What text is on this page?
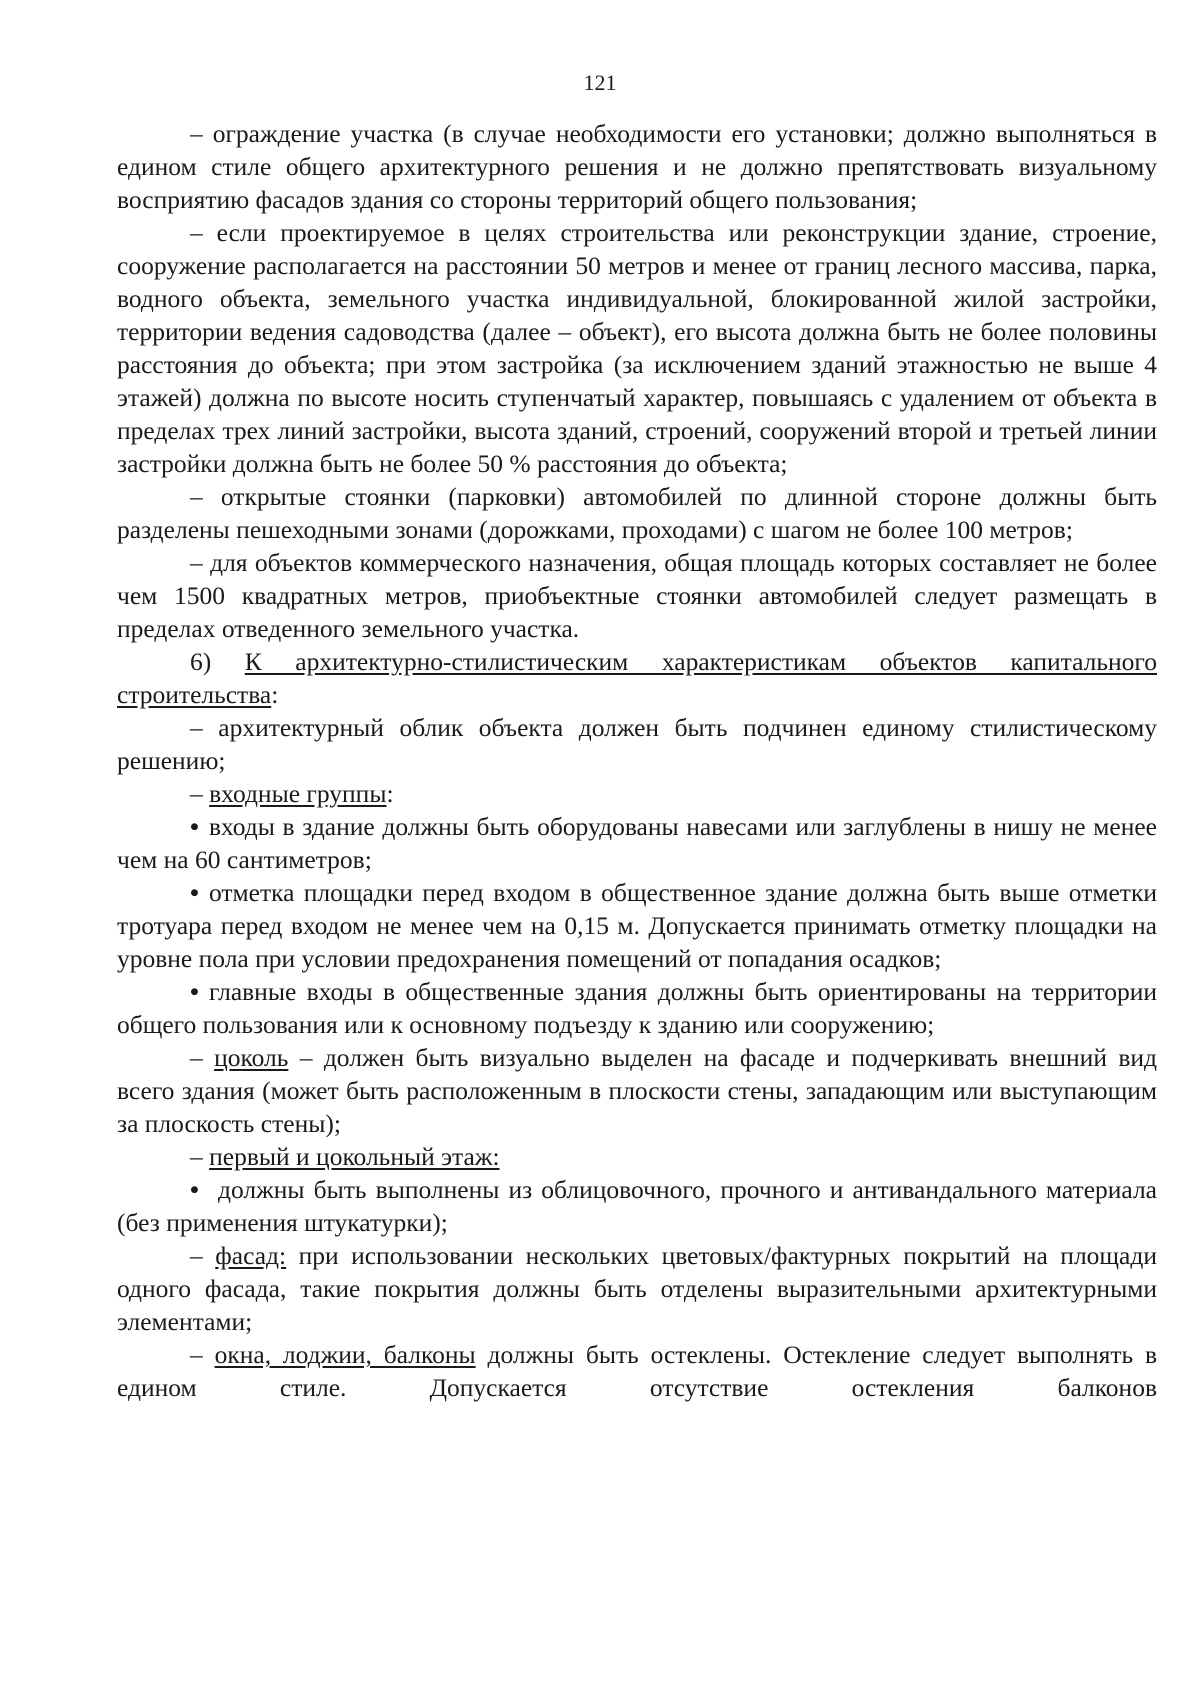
121

– ограждение участка (в случае необходимости его установки; должно выполняться в едином стиле общего архитектурного решения и не должно препятствовать визуальному восприятию фасадов здания со стороны территорий общего пользования;

– если проектируемое в целях строительства или реконструкции здание, строение, сооружение располагается на расстоянии 50 метров и менее от границ лесного массива, парка, водного объекта, земельного участка индивидуальной, блокированной жилой застройки, территории ведения садоводства (далее – объект), его высота должна быть не более половины расстояния до объекта; при этом застройка (за исключением зданий этажностью не выше 4 этажей) должна по высоте носить ступенчатый характер, повышаясь с удалением от объекта в пределах трех линий застройки, высота зданий, строений, сооружений второй и третьей линии застройки должна быть не более 50 % расстояния до объекта;

– открытые стоянки (парковки) автомобилей по длинной стороне должны быть разделены пешеходными зонами (дорожками, проходами) с шагом не более 100 метров;

– для объектов коммерческого назначения, общая площадь которых составляет не более чем 1500 квадратных метров, приобъектные стоянки автомобилей следует размещать в пределах отведенного земельного участка.

6) К архитектурно-стилистическим характеристикам объектов капитального строительства:

– архитектурный облик объекта должен быть подчинен единому стилистическому решению;

– входные группы:

• входы в здание должны быть оборудованы навесами или заглублены в нишу не менее чем на 60 сантиметров;

• отметка площадки перед входом в общественное здание должна быть выше отметки тротуара перед входом не менее чем на 0,15 м. Допускается принимать отметку площадки на уровне пола при условии предохранения помещений от попадания осадков;

• главные входы в общественные здания должны быть ориентированы на территории общего пользования или к основному подъезду к зданию или сооружению;

– цоколь – должен быть визуально выделен на фасаде и подчеркивать внешний вид всего здания (может быть расположенным в плоскости стены, западающим или выступающим за плоскость стены);

– первый и цокольный этаж:

• должны быть выполнены из облицовочного, прочного и антивандального материала (без применения штукатурки);

– фасад: при использовании нескольких цветовых/фактурных покрытий на площади одного фасада, такие покрытия должны быть отделены выразительными архитектурными элементами;

– окна, лоджии, балконы должны быть остеклены. Остекление следует выполнять в едином стиле. Допускается отсутствие остекления балконов
